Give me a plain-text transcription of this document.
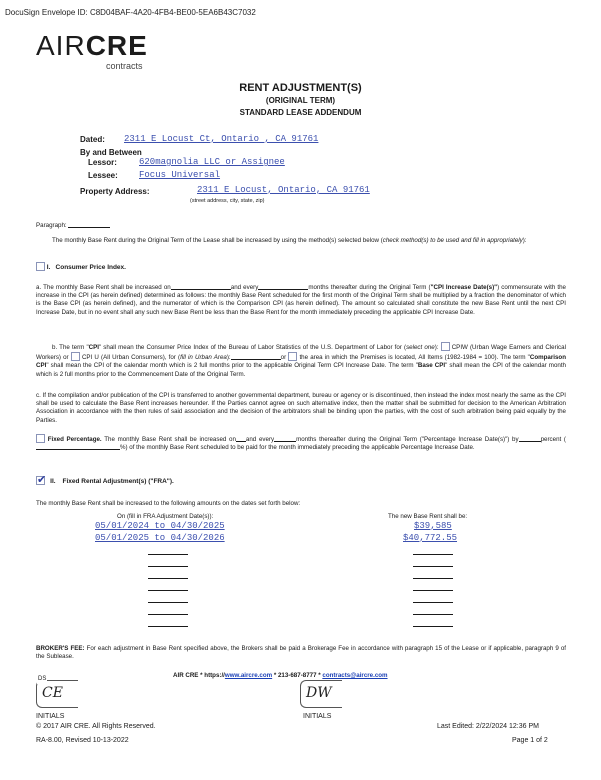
DocuSign Envelope ID: C8D04BAF-4A20-4FB4-BE00-5EA6B43C7032
AIRCRE
contracts
RENT ADJUSTMENT(S)
(ORIGINAL TERM)
STANDARD LEASE ADDENDUM
Dated: 2311 E Locust Ct, Ontario , CA 91761
By and Between
Lessor: 620magnolia LLC or Assignee
Lessee: Focus Universal
Property Address:	2311 E Locust, Ontario, CA 91761
(street address, city, state, zip)
Paragraph:
The monthly Base Rent during the Original Term of the Lease shall be increased by using the method(s) selected below (check method(s) to be used and fill in appropriately):
I. Consumer Price Index.
a. The monthly Base Rent shall be increased on	and every	months thereafter during the Original Term ("CPI Increase Date(s)") commensurate with the increase in the CPI (as herein defined) determined as follows: the monthly Base Rent scheduled for the first month of the Original Term shall be multiplied by a fraction the denominator of which is the Base CPI (as herein defined), and the numerator of which is the Comparison CPI (as herein defined). The amount so calculated shall constitute the new Base Rent until the next CPI Increase Date, but in no event shall any such new Base Rent be less than the Base Rent for the month immediately preceding the applicable CPI Increase Date.
b. The term "CPI" shall mean the Consumer Price Index of the Bureau of Labor Statistics of the U.S. Department of Labor for (select one): CPIW (Urban Wage Earners and Clerical Workers) or CPI U (All Urban Consumers), for (fill in Urban Area):	or the area in which the Premises is located, All Items (1982-1984 = 100). The term "Comparison CPI" shall mean the CPI of the calendar month which is 2 full months prior to the applicable Original Term CPI Increase Date. The term "Base CPI" shall mean the CPI of the calendar month which is 2 full months prior to the Commencement Date of the Original Term.
c. If the compilation and/or publication of the CPI is transferred to another governmental department, bureau or agency or is discontinued, then instead the index most nearly the same as the CPI shall be used to calculate the Base Rent increases hereunder. If the Parties cannot agree on such alternative index, then the matter shall be submitted for decision to the American Arbitration Association in accordance with the then rules of said association and the decision of the arbitrators shall be binding upon the parties, with the cost of such arbitration being paid equally by the Parties.
Fixed Percentage. The monthly Base Rent shall be increased on and every	months thereafter during the Original Term ("Percentage Increase Date(s)") by	percent (%) of the monthly Base Rent scheduled to be paid for the month immediately preceding the applicable Percentage Increase Date.
✔   II. Fixed Rental Adjustment(s) ("FRA").
The monthly Base Rent shall be increased to the following amounts on the dates set forth below:
On (fill in FRA Adjustment Date(s)):	The new Base Rent shall be:
05/01/2024 to 04/30/2025	$39,585
05/01/2025 to 04/30/2026	$40,772.55
BROKER'S FEE: For each adjustment in Base Rent specified above, the Brokers shall be paid a Brokerage Fee in accordance with paragraph 15 of the Lease or if applicable, paragraph 9 of the Sublease.
AIR CRE * https://www.aircre.com * 213-687-8777 * contracts@aircre.com
DS
CE	DW
INITIALS	INITIALS
© 2017 AIR CRE. All Rights Reserved.
RA-8.00, Revised 10-13-2022
Last Edited: 2/22/2024 12:36 PM
Page 1 of 2
